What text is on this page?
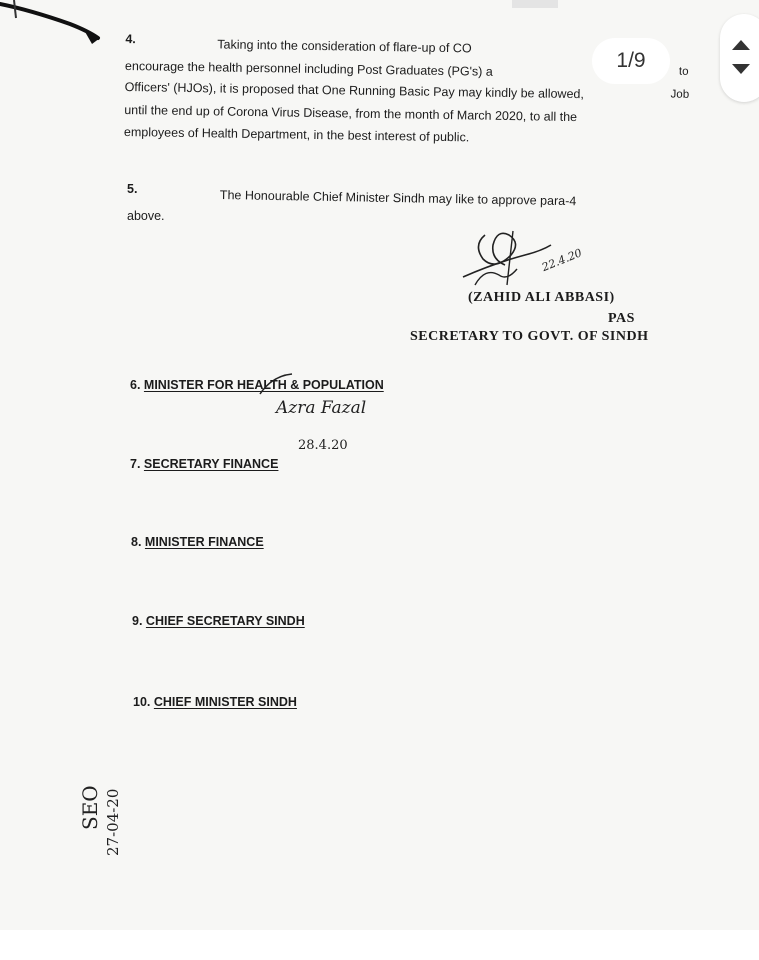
4.	Taking into the consideration of flare-up of CO
encourage the health personnel including Post Graduates (PG's) a
Officers' (HJOs), it is proposed that One Running Basic Pay may kindly be allowed,
until the end up of Corona Virus Disease, from the month of March 2020, to all the
employees of Health Department, in the best interest of public.
to
Job
5.	The Honourable Chief Minister Sindh may like to approve para-4
above.
22.4.20
(ZAHID ALI ABBASI)
PAS
SECRETARY TO GOVT. OF SINDH
6. MINISTER FOR HEALTH & POPULATION
Azra Fazal
28.4.20
7. SECRETARY FINANCE
8. MINISTER FINANCE
9. CHIEF SECRETARY SINDH
10. CHIEF MINISTER SINDH
SEO 27-04-20
1/9
